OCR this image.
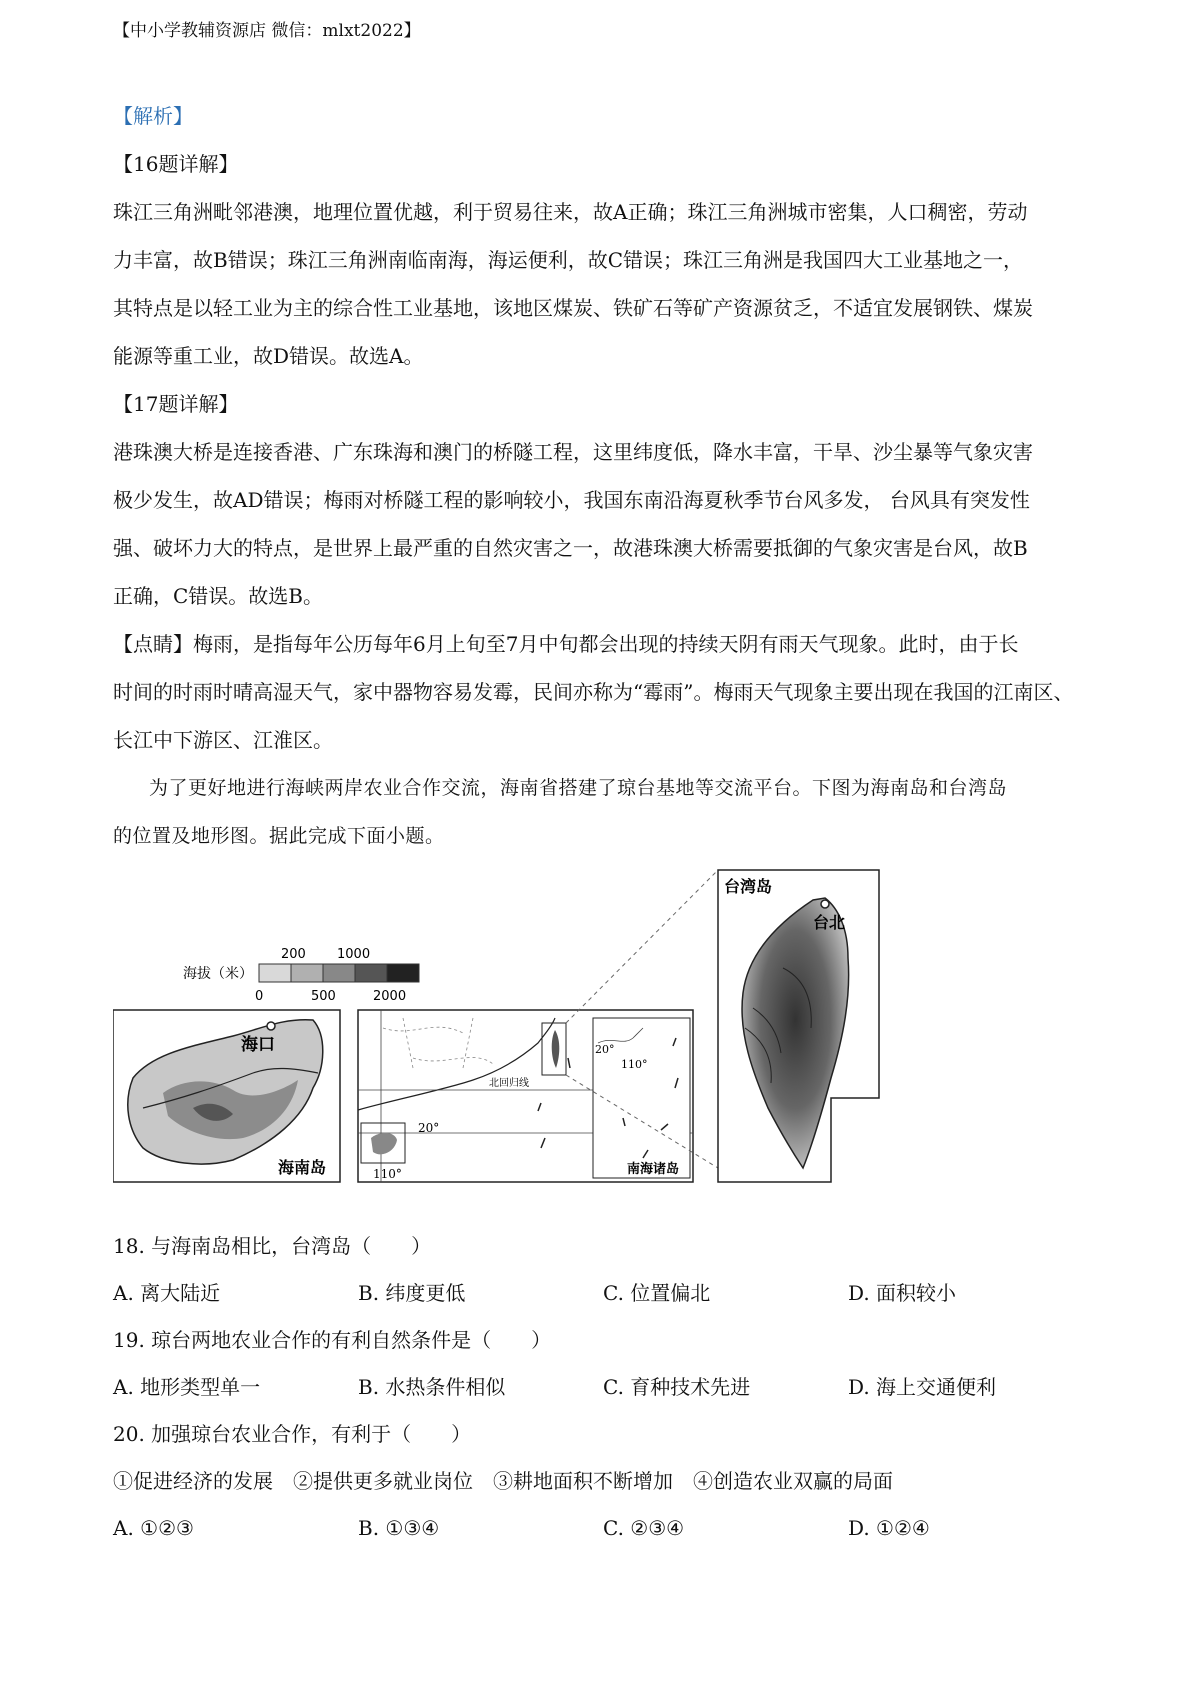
【中小学教辅资源店 微信：mlxt2022】

【解析】

【16题详解】

珠江三角洲毗邻港澳，地理位置优越，利于贸易往来，故A正确；珠江三角洲城市密集，人口稠密，劳动

力丰富，故B错误；珠江三角洲南临南海，海运便利，故C错误；珠江三角洲是我国四大工业基地之一，

其特点是以轻工业为主的综合性工业基地，该地区煤炭、铁矿石等矿产资源贫乏，不适宜发展钢铁、煤炭

能源等重工业，故D错误。故选A。

【17题详解】

港珠澳大桥是连接香港、广东珠海和澳门的桥隧工程，这里纬度低，降水丰富，干旱、沙尘暴等气象灾害

极少发生，故AD错误；梅雨对桥隧工程的影响较小，我国东南沿海夏秋季节台风多发， 台风具有突发性

强、破坏力大的特点，是世界上最严重的自然灾害之一，故港珠澳大桥需要抵御的气象灾害是台风，故B

正确，C错误。故选B。

【点睛】梅雨，是指每年公历每年6月上旬至7月中旬都会出现的持续天阴有雨天气现象。此时，由于长

时间的时雨时晴高湿天气，家中器物容易发霉，民间亦称为“霉雨”。梅雨天气现象主要出现在我国的江南区、

长江中下游区、江淮区。

为了更好地进行海峡两岸农业合作交流，海南省搭建了琼台基地等交流平台。下图为海南岛和台湾岛

的位置及地形图。据此完成下面小题。

海拔（米）
200 1000
0	500	2000
海口
海南岛
北回归线
20°
110°
20°
110°
南海诸岛
台北
台湾岛

18. 与海南岛相比，台湾岛（　　）

A. 离大陆近	B. 纬度更低	C. 位置偏北	D. 面积较小

19. 琼台两地农业合作的有利自然条件是（　　）

A. 地形类型单一	B. 水热条件相似	C. 育种技术先进	D. 海上交通便利

20. 加强琼台农业合作，有利于（　　）

①促进经济的发展　②提供更多就业岗位　③耕地面积不断增加　④创造农业双赢的局面

A. ①②③	B. ①③④	C. ②③④	D. ①②④
